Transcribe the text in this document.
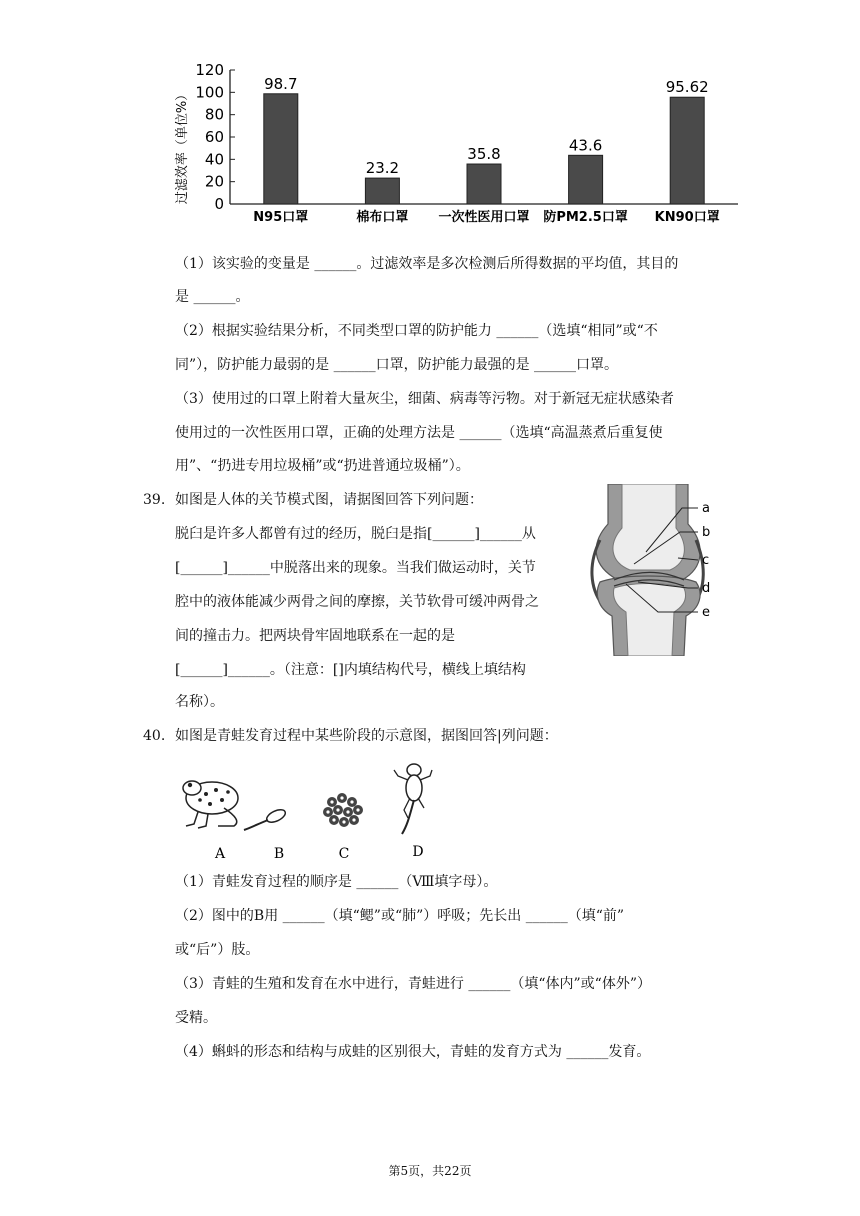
0
20
40
60
80
100
120
98.7
23.2
35.8	43.6
95.62
N95口罩	棉布口罩 一次性医用口罩 防PM2.5口罩 KN90口罩
过滤效率（单位%）
（1）该实验的变量是 ______。过滤效率是多次检测后所得数据的平均值，其目的
是 ______。
（2）根据实验结果分析，不同类型口罩的防护能力 ______（选填“相同”或“不
同”），防护能力最弱的是 ______口罩，防护能力最强的是 ______口罩。
（3）使用过的口罩上附着大量灰尘，细菌、病毒等污物。对于新冠无症状感染者
使用过的一次性医用口罩，正确的处理方法是 ______（选填“高温蒸煮后重复使
用”、“扔进专用垃圾桶”或“扔进普通垃圾桶”）。
39. 如图是人体的关节模式图，请据图回答下列问题：
脱臼是许多人都曾有过的经历，脱臼是指[______]______从
[______]______中脱落出来的现象。当我们做运动时，关节
腔中的液体能减少两骨之间的摩擦，关节软骨可缓冲两骨之
间的撞击力。把两块骨牢固地联系在一起的是
[______]______。（注意：[]内填结构代号，横线上填结构
名称）。
a
b
c
d
e
40. 如图是青蛙发育过程中某些阶段的示意图，据图回答|列问题：
A	B	C	D
（1）青蛙发育过程的顺序是 ______（Ⅷ填字母）。
（2）图中的B用 ______（填“鳃”或“肺”）呼吸；先长出 ______（填“前”
或“后”）肢。
（3）青蛙的生殖和发育在水中进行，青蛙进行 ______（填“体内”或“体外”）
受精。
（4）蝌蚪的形态和结构与成蛙的区别很大，青蛙的发育方式为 ______发育。
第5页，共22页
